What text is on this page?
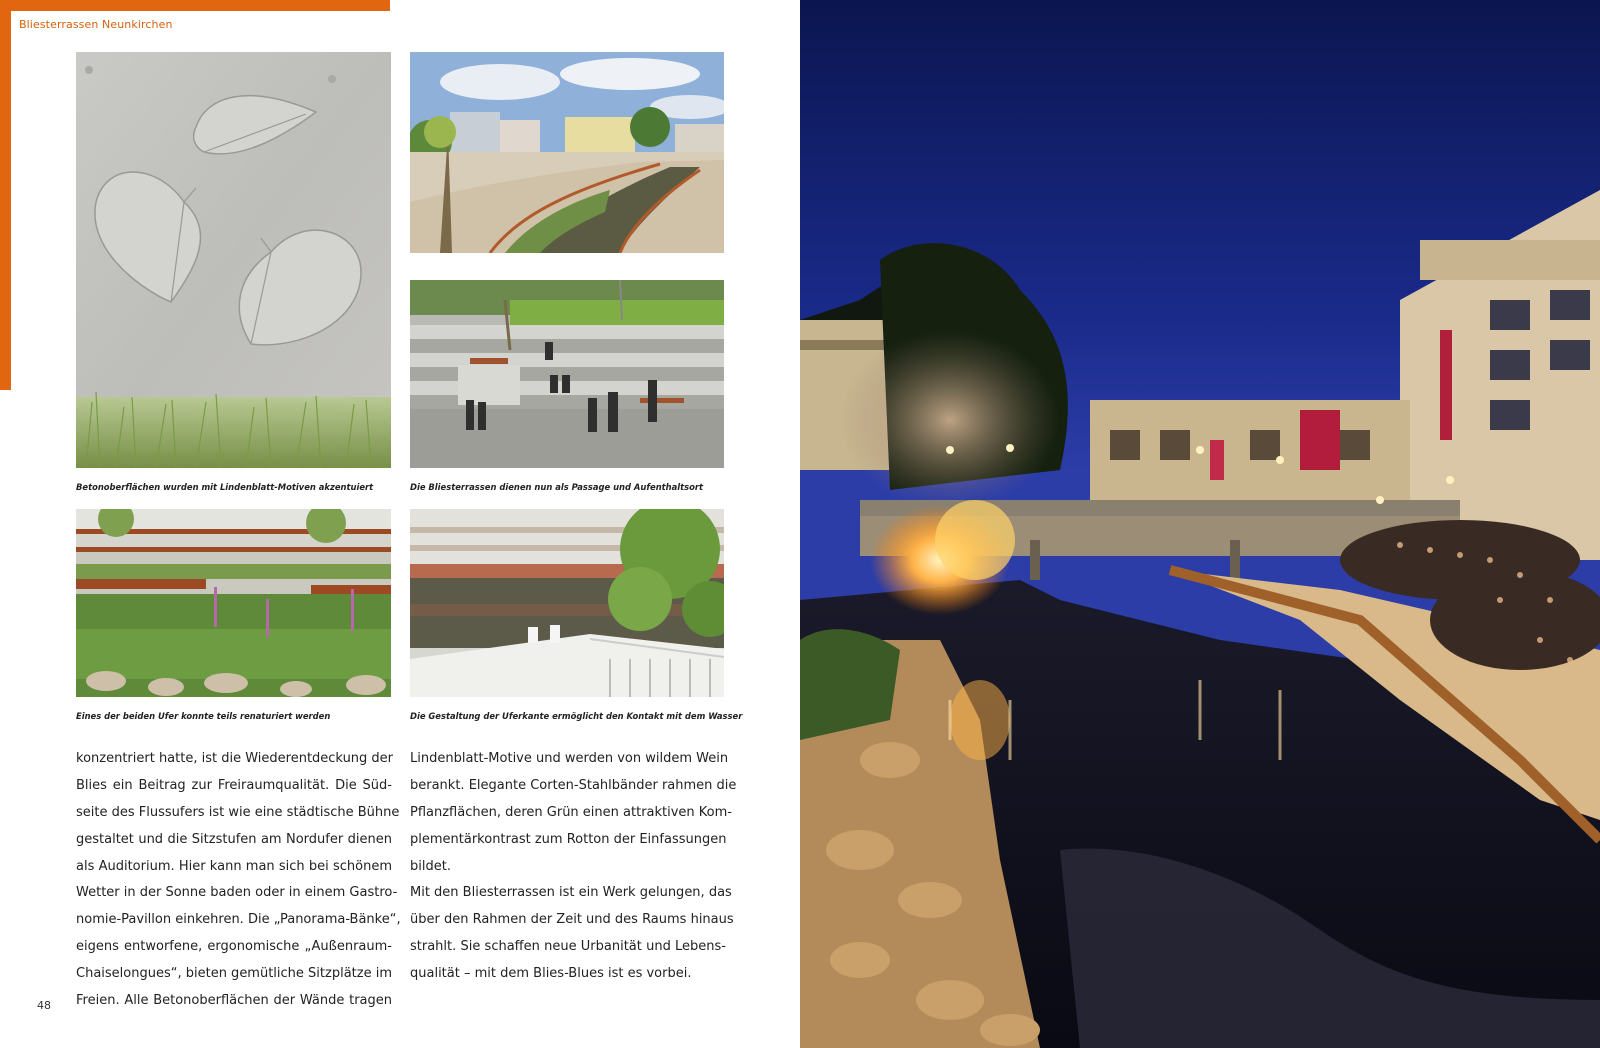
Bliesterrassen Neunkirchen
Betonoberflächen wurden mit Lindenblatt-Motiven akzentuiert	Die Bliesterrassen dienen nun als Passage und Aufenthaltsort
Eines der beiden Ufer konnte teils renaturiert werden	Die Gestaltung der Uferkante ermöglicht den Kontakt mit dem Wasser
konzentriert hatte, ist die Wiederentdeckung der
Blies ein Beitrag zur Freiraumqualität. Die Süd-
seite des Flussufers ist wie eine städtische Bühne
gestaltet und die Sitzstufen am Nordufer dienen
als Auditorium. Hier kann man sich bei schönem
Wetter in der Sonne baden oder in einem Gastro-
nomie-Pavillon einkehren. Die „Panorama-Bänke“,
eigens entworfene, ergonomische „Außenraum-
Chaiselongues“, bieten gemütliche Sitzplätze im
Freien. Alle Betonoberflächen der Wände tragen
Lindenblatt-Motive und werden von wildem Wein
berankt. Elegante Corten-Stahlbänder rahmen die
Pflanzflächen, deren Grün einen attraktiven Kom-
plementärkontrast zum Rotton der Einfassungen
bildet.
Mit den Bliesterrassen ist ein Werk gelungen, das
über den Rahmen der Zeit und des Raums hinaus
strahlt. Sie schaffen neue Urbanität und Lebens-
qualität – mit dem Blies-Blues ist es vorbei.
48
